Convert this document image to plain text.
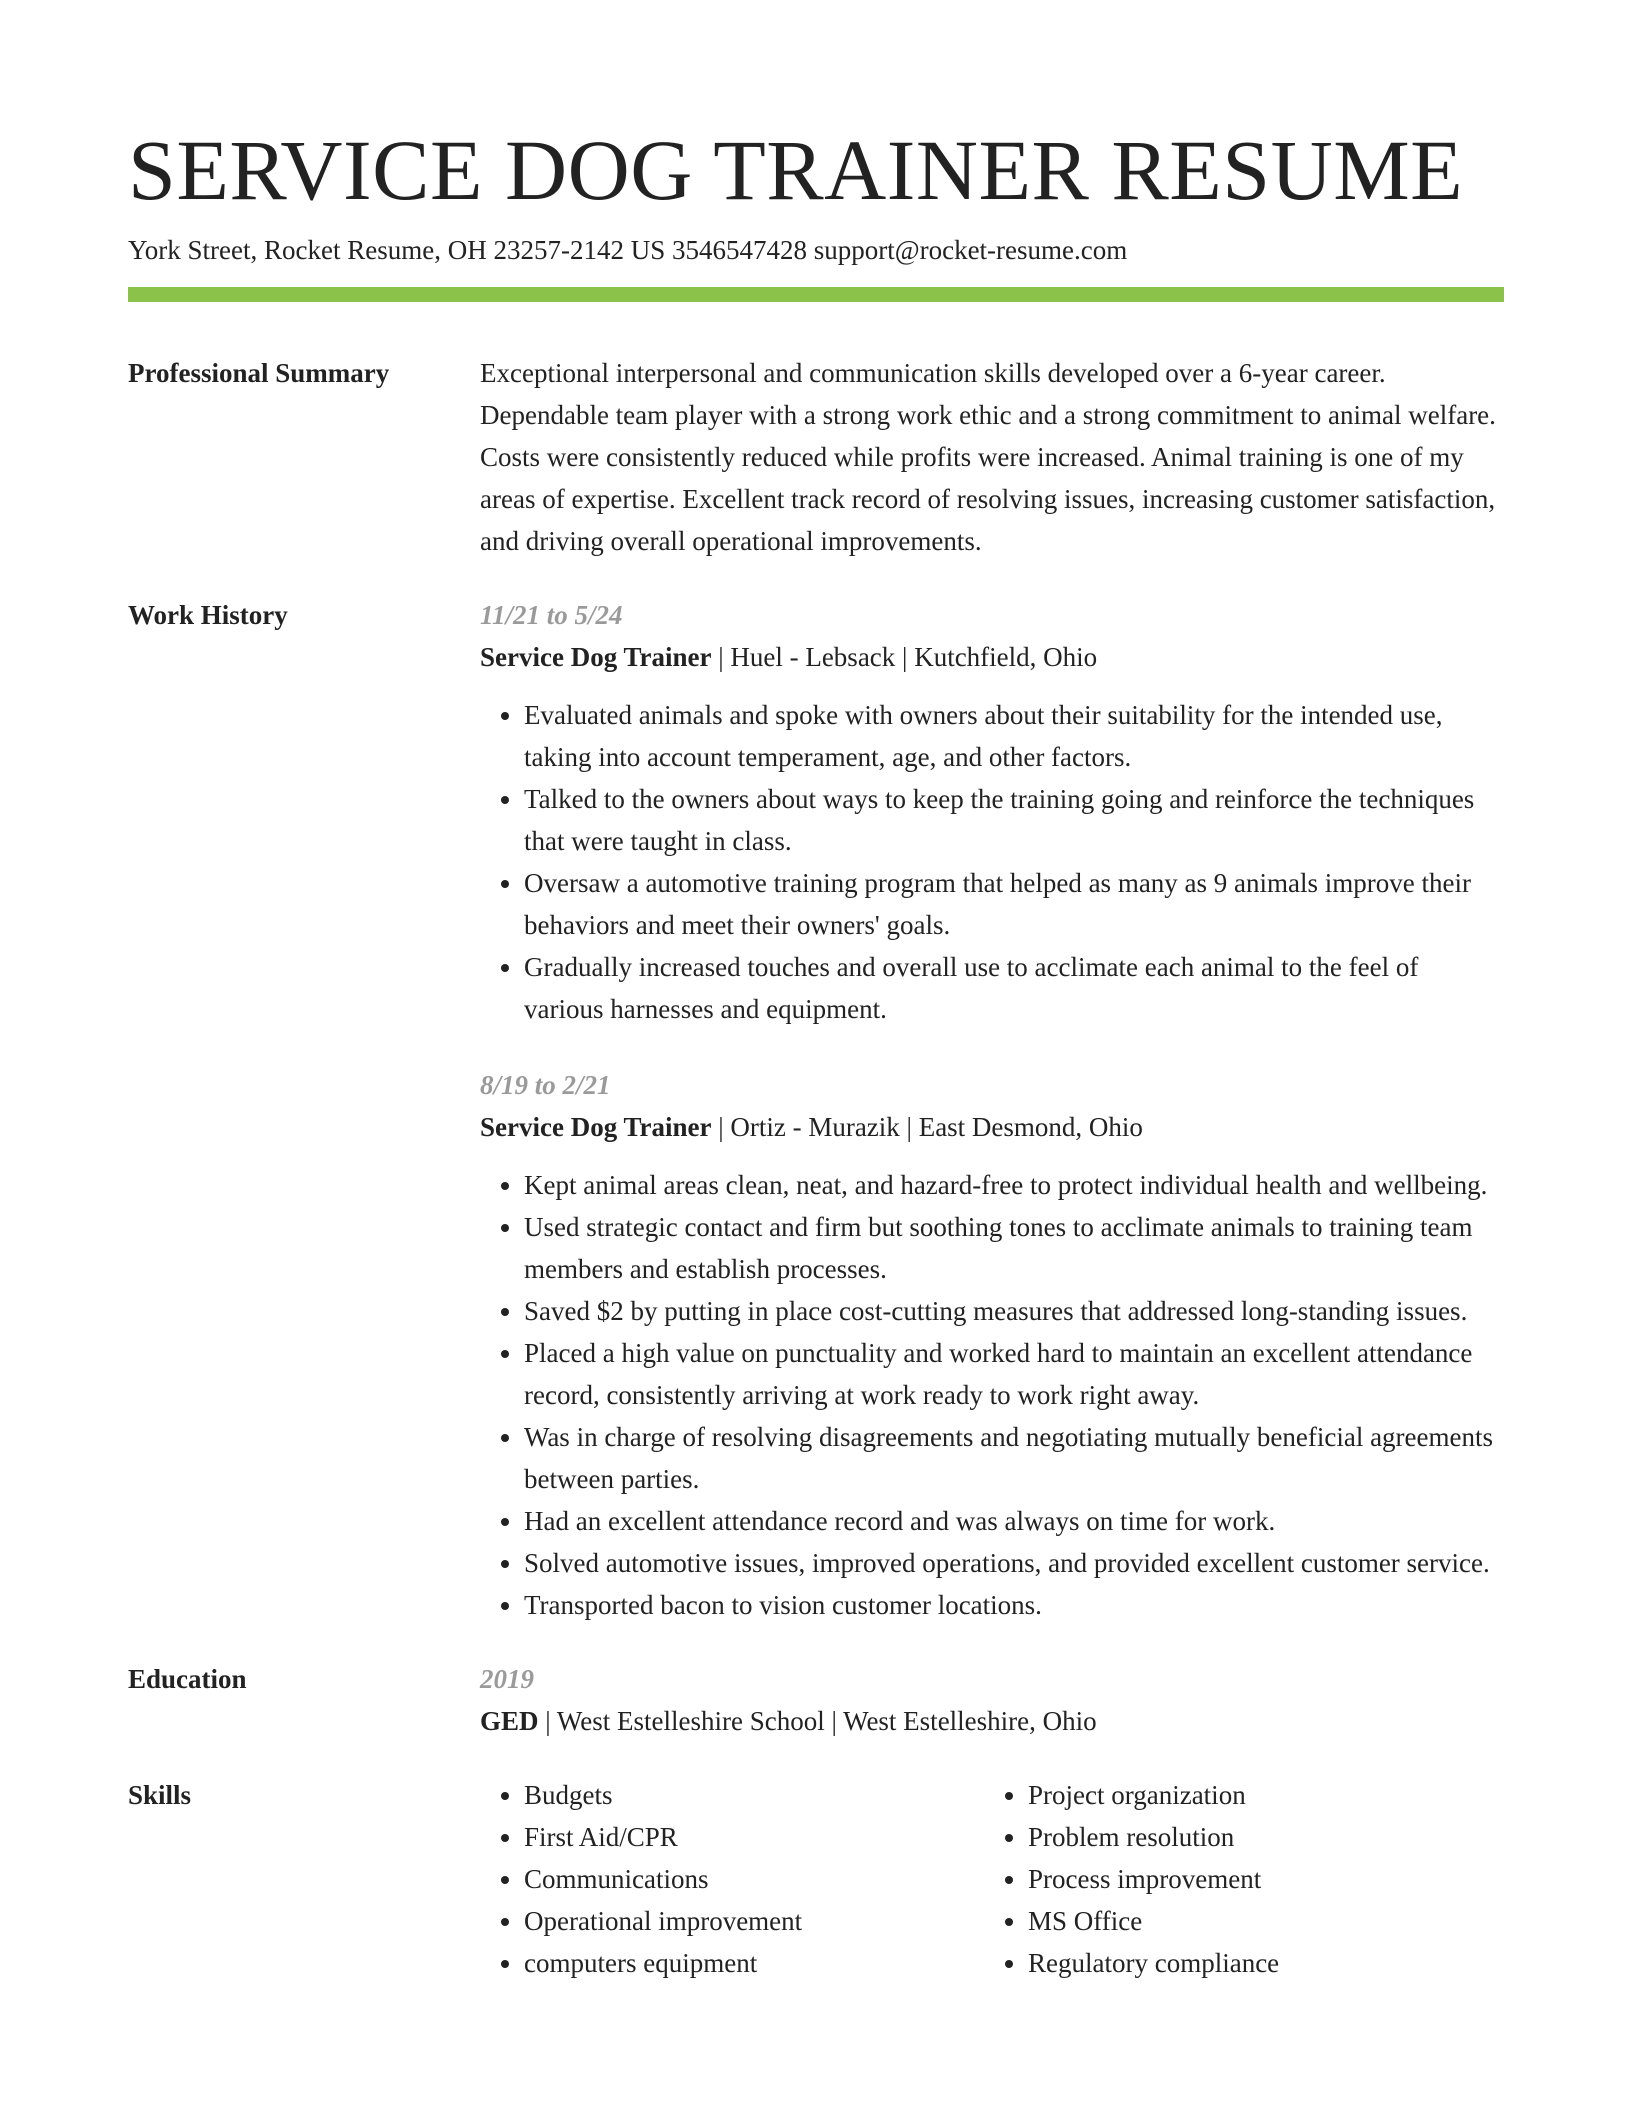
SERVICE DOG TRAINER RESUME
York Street, Rocket Resume, OH 23257-2142 US 3546547428 support@rocket-resume.com
Professional Summary	Exceptional interpersonal and communication skills developed over a 6-year career. Dependable team player with a strong work ethic and a strong commitment to animal welfare. Costs were consistently reduced while profits were increased. Animal training is one of my areas of expertise. Excellent track record of resolving issues, increasing customer satisfaction, and driving overall operational improvements.
Work History	11/21 to 5/24
Service Dog Trainer | Huel - Lebsack | Kutchfield, Ohio
• Evaluated animals and spoke with owners about their suitability for the intended use, taking into account temperament, age, and other factors.
• Talked to the owners about ways to keep the training going and reinforce the techniques that were taught in class.
• Oversaw a automotive training program that helped as many as 9 animals improve their behaviors and meet their owners' goals.
• Gradually increased touches and overall use to acclimate each animal to the feel of various harnesses and equipment.
8/19 to 2/21
Service Dog Trainer | Ortiz - Murazik | East Desmond, Ohio
• Kept animal areas clean, neat, and hazard-free to protect individual health and wellbeing.
• Used strategic contact and firm but soothing tones to acclimate animals to training team members and establish processes.
• Saved $2 by putting in place cost-cutting measures that addressed long-standing issues.
• Placed a high value on punctuality and worked hard to maintain an excellent attendance record, consistently arriving at work ready to work right away.
• Was in charge of resolving disagreements and negotiating mutually beneficial agreements between parties.
• Had an excellent attendance record and was always on time for work.
• Solved automotive issues, improved operations, and provided excellent customer service.
• Transported bacon to vision customer locations.
Education	2019
GED | West Estelleshire School | West Estelleshire, Ohio
Skills
•	Budgets
• First Aid/CPR
• Communications
• Operational improvement
• computers equipment
• Project organization
• Problem resolution
• Process improvement
• MS Office
• Regulatory compliance
